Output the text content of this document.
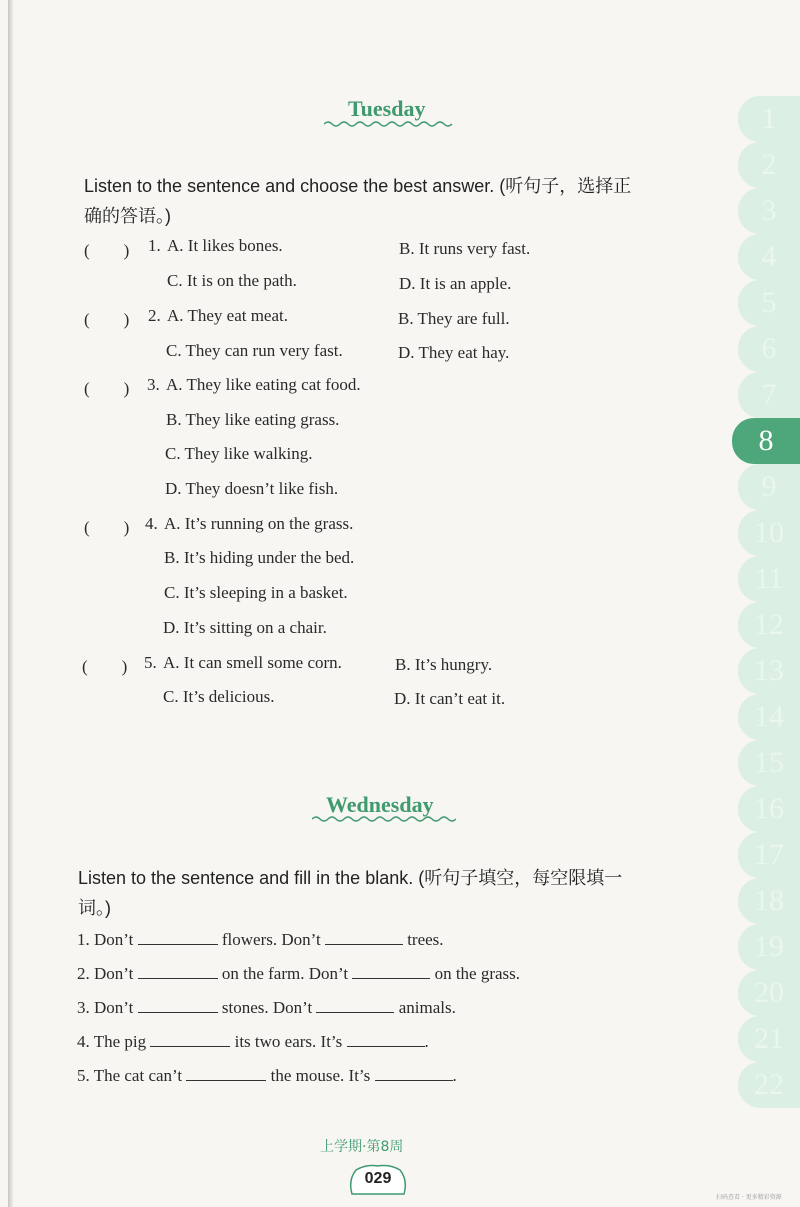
Tuesday
Listen to the sentence and choose the best answer. (听句子，选择正
确的答语。)
(　　) 1. A. It likes bones.	B. It runs very fast.
C. It is on the path.	D. It is an apple.
(　　) 2. A. They eat meat.	B. They are full.
C. They can run very fast.	D. They eat hay.
(　　) 3. A. They like eating cat food.
B. They like eating grass.
C. They like walking.
D. They doesn’t like fish.
(　　) 4. A. It’s running on the grass.
B. It’s hiding under the bed.
C. It’s sleeping in a basket.
D. It’s sitting on a chair.
(　　) 5. A. It can smell some corn.	B. It’s hungry.
C. It’s delicious.	D. It can’t eat it.
Wednesday
Listen to the sentence and fill in the blank. (听句子填空，每空限填一
词。)
1. Don’t	flowers. Don’t	trees.
2. Don’t	on the farm. Don’t	on the grass.
3. Don’t	stones. Don’t	animals.
4. The pig	its two ears. It’s	.
5. The cat can’t	the mouse. It’s	.
1
2
3
4
5
6
7
8
9
10
11
12
13
14
15
16
17
18
19
20
21
22
上学期·第8周
029
扫码查看 · 更多精彩资源
